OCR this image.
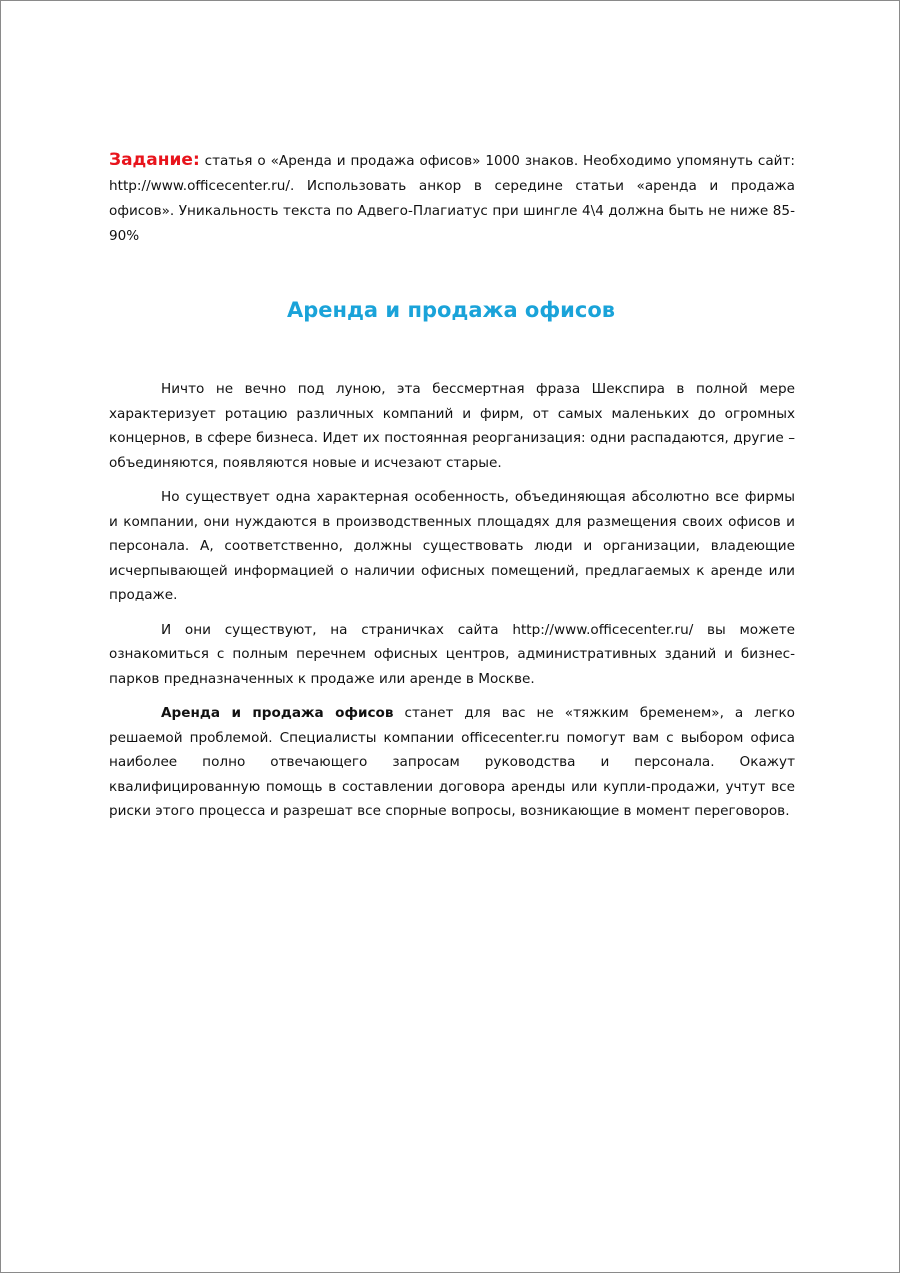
Задание: статья о «Аренда и продажа офисов» 1000 знаков. Необходимо упомянуть сайт: http://www.officecenter.ru/. Использовать анкор в середине статьи «аренда и продажа офисов». Уникальность текста по Адвего-Плагиатус при шингле 4\4 должна быть не ниже 85-90%

Аренда и продажа офисов

Ничто не вечно под луною, эта бессмертная фраза Шекспира в полной мере характеризует ротацию различных компаний и фирм, от самых маленьких до огромных концернов, в сфере бизнеса. Идет их постоянная реорганизация: одни распадаются, другие – объединяются, появляются новые и исчезают старые.

Но существует одна характерная особенность, объединяющая абсолютно все фирмы и компании, они нуждаются в производственных площадях для размещения своих офисов и персонала. А, соответственно, должны существовать люди и организации, владеющие исчерпывающей информацией о наличии офисных помещений, предлагаемых к аренде или продаже.

И они существуют, на страничках сайта http://www.officecenter.ru/ вы можете ознакомиться с полным перечнем офисных центров, административных зданий и бизнес-парков предназначенных к продаже или аренде в Москве.

Аренда и продажа офисов станет для вас не «тяжким бременем», а легко решаемой проблемой. Специалисты компании officecenter.ru помогут вам с выбором офиса наиболее полно отвечающего запросам руководства и персонала. Окажут квалифицированную помощь в составлении договора аренды или купли-продажи, учтут все риски этого процесса и разрешат все спорные вопросы, возникающие в момент переговоров.
